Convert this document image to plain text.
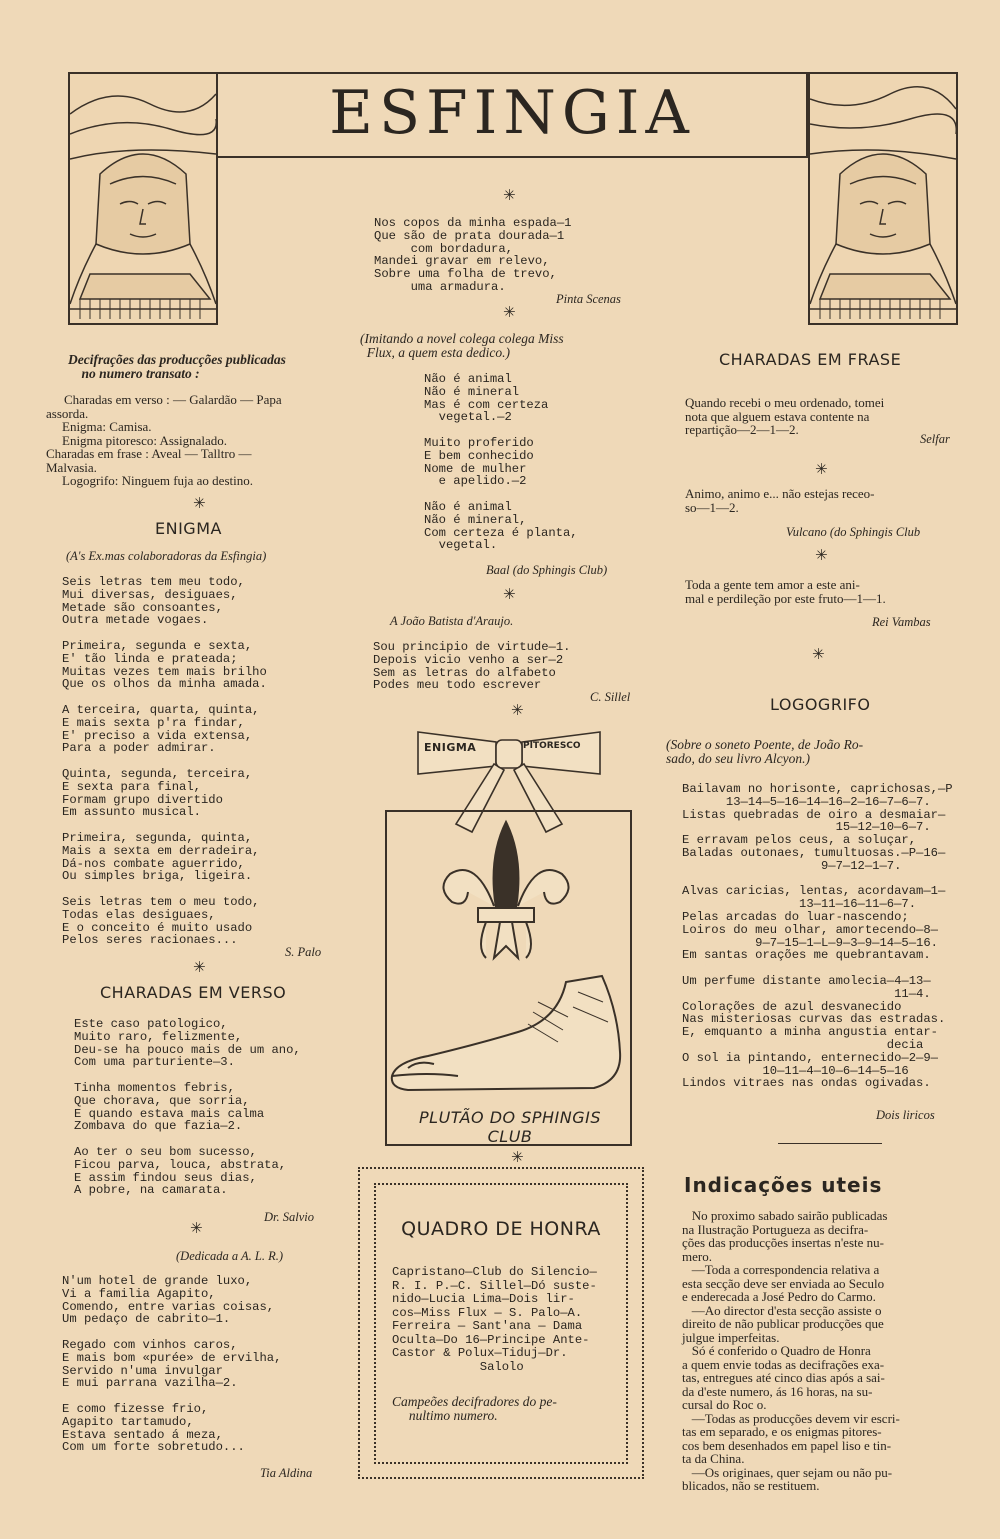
ESFINGIA
✳
Nos copos da minha espada—1
Que são de prata dourada—1
com bordadura,
Mandei gravar em relevo,
Sobre uma folha de trevo,
uma armadura.
Pinta Scenas
✳
(Imitando a novel colega colega Miss
Flux, a quem esta dedico.)
Não é animal
Não é mineral
Mas é com certeza
vegetal.—2

Muito proferido
E bem conhecido
Nome de mulher
e apelido.—2

Não é animal
Não é mineral,
Com certeza é planta,
vegetal.
Baal (do Sphingis Club)
✳
A João Batista d'Araujo.
Sou principio de virtude—1.
Depois vicio venho a ser—2
Sem as letras do alfabeto
Podes meu todo escrever
C. Sillel
✳
ENIGMA	PITORESCO
PLUTÃO DO SPHINGIS CLUB
✳
QUADRO DE HONRA
Capristano—Club do Silencio—
R. I. P.—C. Sillel—Dó suste-
nido—Lucia Lima—Dois lir-
cos—Miss Flux — S. Palo—A.
Ferreira — Sant'ana — Dama
Oculta—Do 16—Principe Ante-
Castor & Polux—Tiduj—Dr.
Salolo
Campeões decifradores do pe-
nultimo numero.
Decifrações das producções publicadas
no numero transato :
Charadas em verso : — Galardão — Papa
assorda.
Enigma: Camisa.
Enigma pitoresco: Assignalado.
Charadas em frase : Aveal — Talltro —
Malvasia.
Logogrifo: Ninguem fuja ao destino.
✳
ENIGMA
(A's Ex.mas colaboradoras da Esfingia)
Seis letras tem meu todo,
Mui diversas, desiguaes,
Metade são consoantes,
Outra metade vogaes.

Primeira, segunda e sexta,
E' tão linda e prateada;
Muitas vezes tem mais brilho
Que os olhos da minha amada.

A terceira, quarta, quinta,
E mais sexta p'ra findar,
E' preciso a vida extensa,
Para a poder admirar.

Quinta, segunda, terceira,
E sexta para final,
Formam grupo divertido
Em assunto musical.

Primeira, segunda, quinta,
Mais a sexta em derradeira,
Dá-nos combate aguerrido,
Ou simples briga, ligeira.

Seis letras tem o meu todo,
Todas elas desiguaes,
E o conceito é muito usado
Pelos seres racionaes...
S. Palo
✳
CHARADAS EM VERSO
Este caso patologico,
Muito raro, felizmente,
Deu-se ha pouco mais de um ano,
Com uma parturiente—3.

Tinha momentos febris,
Que chorava, que sorria,
E quando estava mais calma
Zombava do que fazia—2.

Ao ter o seu bom sucesso,
Ficou parva, louca, abstrata,
E assim findou seus dias,
A pobre, na camarata.
Dr. Salvio
✳
(Dedicada a A. L. R.)
N'um hotel de grande luxo,
Vi a familia Agapito,
Comendo, entre varias coisas,
Um pedaço de cabrito—1.

Regado com vinhos caros,
E mais bom «purée» de ervilha,
Servido n'uma invulgar
E mui parrana vazilha—2.

E como fizesse frio,
Agapito tartamudo,
Estava sentado á meza,
Com um forte sobretudo...
Tia Aldina
CHARADAS EM FRASE
Quando recebi o meu ordenado, tomei
nota que alguem estava contente na
repartição—2—1—2.
Selfar
✳
Animo, animo e... não estejas receo-
so—1—2.
Vulcano (do Sphingis Club
✳
Toda a gente tem amor a este ani-
mal e perdileção por este fruto—1—1.
Rei Vambas
✳
LOGOGRIFO
(Sobre o soneto Poente, de João Ro-
sado, do seu livro Alcyon.)
Bailavam no horisonte, caprichosas,—P
13—14—5—16—14—16—2—16—7—6—7.
Listas quebradas de oiro a desmaiar—
15—12—10—6—7.
E erravam pelos ceus, a soluçar,
Baladas outonaes, tumultuosas.—P—16—
9—7—12—1—7.

Alvas caricias, lentas, acordavam—1—
13—11—16—11—6—7.
Pelas arcadas do luar-nascendo;
Loiros do meu olhar, amortecendo—8—
9—7—15—1—L—9—3—9—14—5—16.
Em santas orações me quebrantavam.

Um perfume distante amolecia—4—13—
11—4.
Colorações de azul desvanecido
Nas misteriosas curvas das estradas.
E, emquanto a minha angustia entar-
decia
O sol ia pintando, enternecido—2—9—
10—11—4—10—6—14—5—16
Lindos vitraes nas ondas ogivadas.
Dois liricos
Indicações uteis
No proximo sabado sairão publicadas
na Ilustração Portugueza as decifra-
ções das producções insertas n'este nu-
mero.
—Toda a correspondencia relativa a
esta secção deve ser enviada ao Seculo
e enderecada a José Pedro do Carmo.
—Ao director d'esta secção assiste o
direito de não publicar producções que
julgue imperfeitas.
Só é conferido o Quadro de Honra
a quem envie todas as decifrações exa-
tas, entregues até cinco dias após a sai-
da d'este numero, ás 16 horas, na su-
cursal do Roc o.
—Todas as producções devem vir escri-
tas em separado, e os enigmas pitores-
cos bem desenhados em papel liso e tin-
ta da China.
—Os originaes, quer sejam ou não pu-
blicados, não se restituem.
